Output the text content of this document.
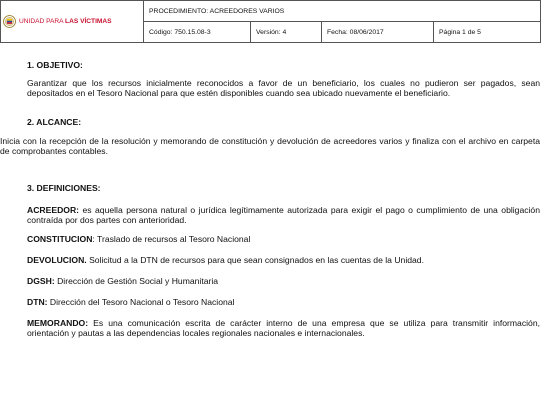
UNIDAD PARA LAS VÍCTIMAS	PROCEDIMIENTO: ACREEDORES VARIOS			
	Código: 750.15.08-3	Versión: 4	Fecha: 08/06/2017	Página 1 de 5
1. OBJETIVO:

Garantizar que los recursos inicialmente reconocidos a favor de un beneficiario, los cuales no pudieron ser pagados, sean depositados en el Tesoro Nacional para que estén disponibles cuando sea ubicado nuevamente el beneficiario.

2. ALCANCE:

Inicia con la recepción de la resolución y memorando de constitución y devolución de acreedores varios y finaliza con el archivo en carpeta de comprobantes contables.

3. DEFINICIONES:

ACREEDOR: es aquella persona natural o jurídica legítimamente autorizada para exigir el pago o cumplimiento de una obligación contraída por dos partes con anterioridad.

CONSTITUCION: Traslado de recursos al Tesoro Nacional

DEVOLUCION. Solicitud a la DTN de recursos para que sean consignados en las cuentas de la Unidad.

DGSH: Dirección de Gestión Social y Humanitaria

DTN: Dirección del Tesoro Nacional o Tesoro Nacional

MEMORANDO: Es una comunicación escrita de carácter interno de una empresa que se utiliza para transmitir información, orientación y pautas a las dependencias locales regionales nacionales e internacionales.
